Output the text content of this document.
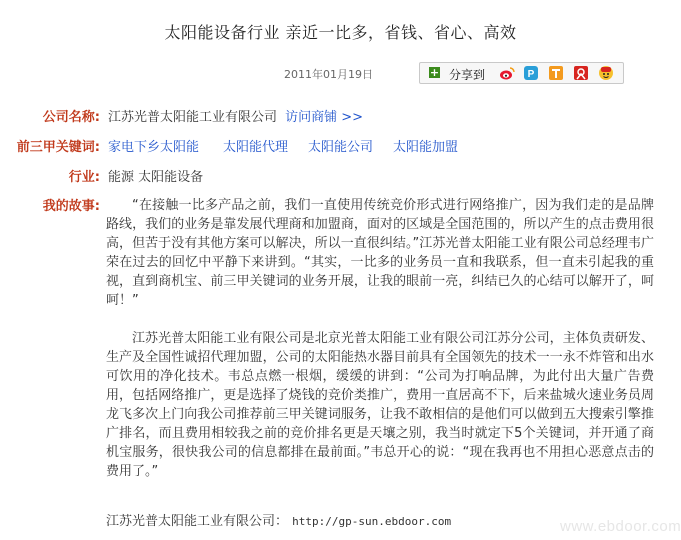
太阳能设备行业 亲近一比多，省钱、省心、高效
2011年01月19日	+ 分享到	P
公司名称: 江苏光普太阳能工业有限公司 访问商铺 >>
前三甲关键词: 家电下乡太阳能 太阳能代理 太阳能公司 太阳能加盟
行业: 能源 太阳能设备
我的故事:	“在接触一比多产品之前，我们一直使用传统竞价形式进行网络推广，因为我们走的是品牌路线，我们的业务是靠发展代理商和加盟商，面对的区域是全国范围的，所以产生的点击费用很高，但苦于没有其他方案可以解决，所以一直很纠结。”江苏光普太阳能工业有限公司总经理韦广荣在过去的回忆中平静下来讲到。“其实，一比多的业务员一直和我联系，但一直未引起我的重视，直到商机宝、前三甲关键词的业务开展，让我的眼前一亮，纠结已久的心结可以解开了，呵呵！”

江苏光普太阳能工业有限公司是北京光普太阳能工业有限公司江苏分公司，主体负责研发、生产及全国性诚招代理加盟，公司的太阳能热水器目前具有全国领先的技术一一永不炸管和出水可饮用的净化技术。韦总点燃一根烟，缓缓的讲到：“公司为打响品牌，为此付出大量广告费用，包括网络推广，更是选择了烧钱的竞价类推广，费用一直居高不下，后来盐城火速业务员周龙飞多次上门向我公司推荐前三甲关键词服务，让我不敢相信的是他们可以做到五大搜索引擎推广排名，而且费用相较我之前的竞价排名更是天壤之别，我当时就定下5个关键词，并开通了商机宝服务，很快我公司的信息都排在最前面。”韦总开心的说：“现在我再也不用担心恶意点击的费用了。”

江苏光普太阳能工业有限公司： http://gp-sun.ebdoor.com	www.ebdoor.com
